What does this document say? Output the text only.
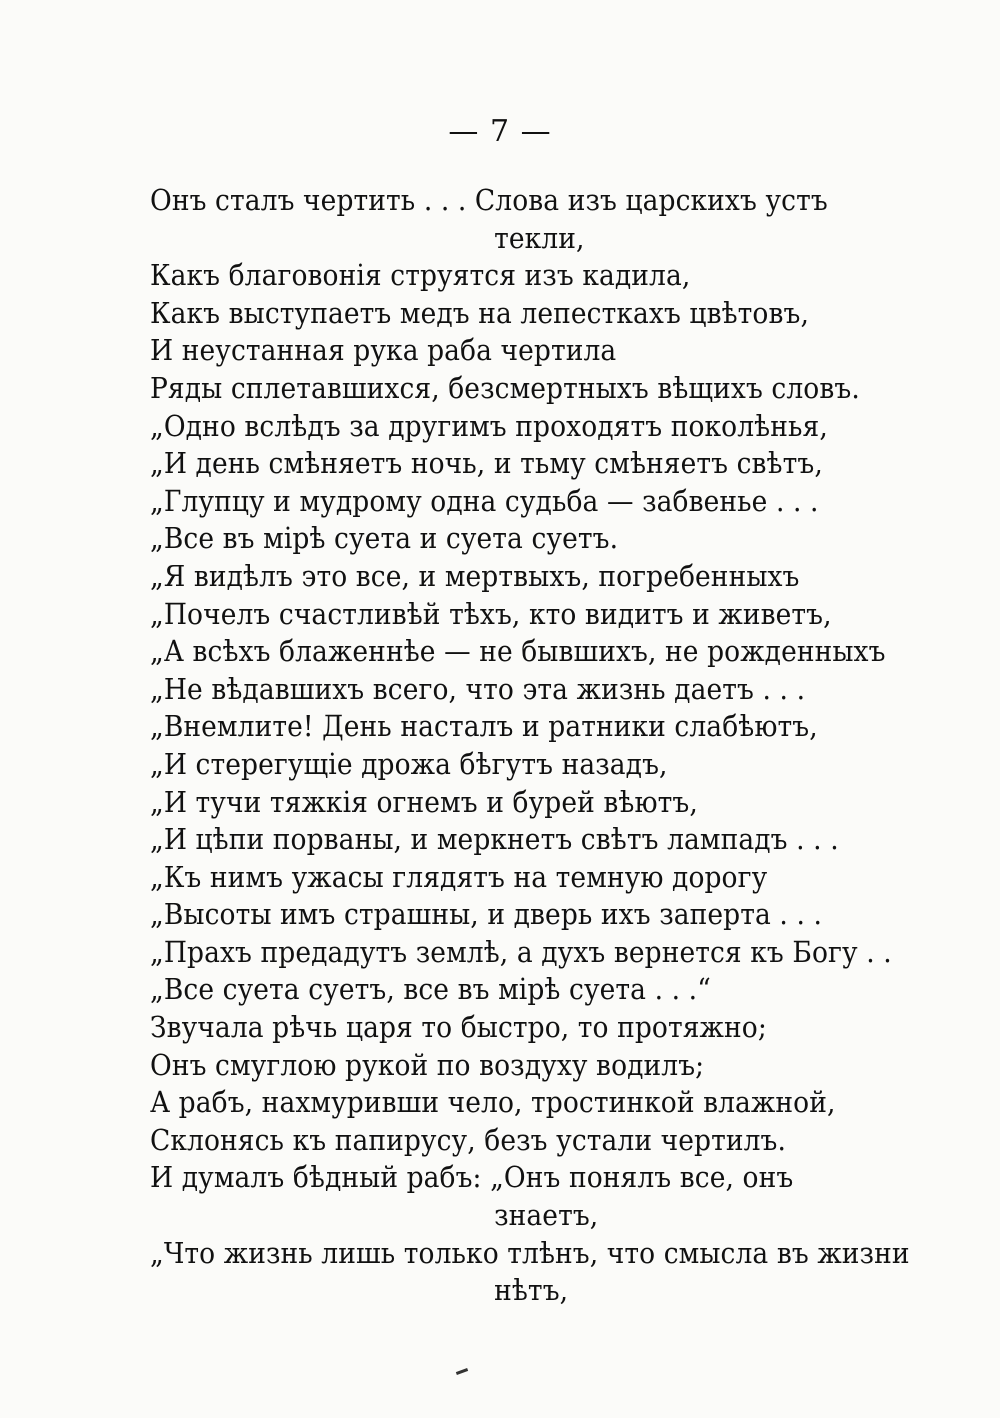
— 7 —
Онъ сталъ чертить . . . Слова изъ царскихъ устъ
текли,
Какъ благовонія струятся изъ кадила,
Какъ выступаетъ медъ на лепесткахъ цвѣтовъ,
И неустанная рука раба чертила
Ряды сплетавшихся, безсмертныхъ вѣщихъ словъ.
„Одно вслѣдъ за другимъ проходятъ поколѣнья,
„И день смѣняетъ ночь, и тьму смѣняетъ свѣтъ,
„Глупцу и мудрому одна судьба — забвенье . . .
„Все въ мірѣ суета и суета суетъ.
„Я видѣлъ это все, и мертвыхъ, погребенныхъ
„Почелъ счастливѣй тѣхъ, кто видитъ и живетъ,
„А всѣхъ блаженнѣе — не бывшихъ, не рожденныхъ
„Не вѣдавшихъ всего, что эта жизнь даетъ . . .
„Внемлите! День насталъ и ратники слабѣютъ,
„И стерегущіе дрожа бѣгутъ назадъ,
„И тучи тяжкія огнемъ и бурей вѣютъ,
„И цѣпи порваны, и меркнетъ свѣтъ лампадъ . . .
„Къ нимъ ужасы глядятъ на темную дорогу
„Высоты имъ страшны, и дверь ихъ заперта . . .
„Прахъ предадутъ землѣ, а духъ вернется къ Богу . .
„Все суета суетъ, все въ мірѣ суета . . .“
Звучала рѣчь царя то быстро, то протяжно;
Онъ смуглою рукой по воздуху водилъ;
А рабъ, нахмуривши чело, тростинкой влажной,
Склонясь къ папирусу, безъ устали чертилъ.
И думалъ бѣдный рабъ: „Онъ понялъ все, онъ
знаетъ,
„Что жизнь лишь только тлѣнъ, что смысла въ жизни
нѣтъ,
